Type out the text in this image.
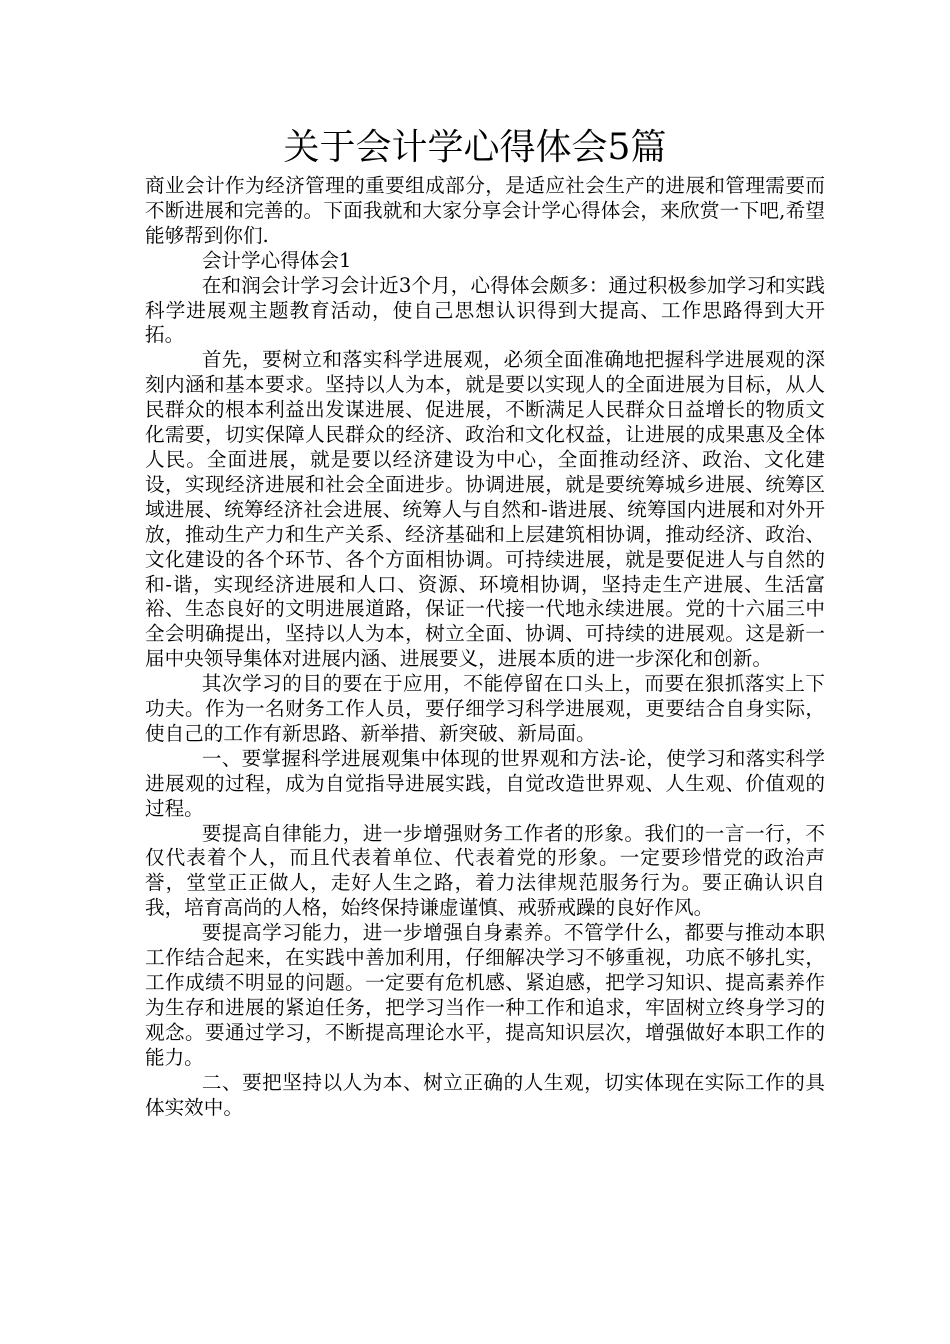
关于会计学心得体会5篇

商业会计作为经济管理的重要组成部分，是适应社会生产的进展和管理需要而不断进展和完善的。下面我就和大家分享会计学心得体会，来欣赏一下吧,希望能够帮到你们.

会计学心得体会1

在和润会计学习会计近3个月，心得体会颇多：通过积极参加学习和实践科学进展观主题教育活动，使自己思想认识得到大提高、工作思路得到大开拓。

首先，要树立和落实科学进展观，必须全面准确地把握科学进展观的深刻内涵和基本要求。坚持以人为本，就是要以实现人的全面进展为目标，从人民群众的根本利益出发谋进展、促进展，不断满足人民群众日益增长的物质文化需要，切实保障人民群众的经济、政治和文化权益，让进展的成果惠及全体人民。全面进展，就是要以经济建设为中心，全面推动经济、政治、文化建设，实现经济进展和社会全面进步。协调进展，就是要统筹城乡进展、统筹区域进展、统筹经济社会进展、统筹人与自然和-谐进展、统筹国内进展和对外开放，推动生产力和生产关系、经济基础和上层建筑相协调，推动经济、政治、文化建设的各个环节、各个方面相协调。可持续进展，就是要促进人与自然的和-谐，实现经济进展和人口、资源、环境相协调，坚持走生产进展、生活富裕、生态良好的文明进展道路，保证一代接一代地永续进展。党的十六届三中全会明确提出，坚持以人为本，树立全面、协调、可持续的进展观。这是新一届中央领导集体对进展内涵、进展要义，进展本质的进一步深化和创新。

其次学习的目的要在于应用，不能停留在口头上，而要在狠抓落实上下功夫。作为一名财务工作人员，要仔细学习科学进展观，更要结合自身实际，使自己的工作有新思路、新举措、新突破、新局面。

一、要掌握科学进展观集中体现的世界观和方法-论，使学习和落实科学进展观的过程，成为自觉指导进展实践，自觉改造世界观、人生观、价值观的过程。

要提高自律能力，进一步增强财务工作者的形象。我们的一言一行，不仅代表着个人，而且代表着单位、代表着党的形象。一定要珍惜党的政治声誉，堂堂正正做人，走好人生之路，着力法律规范服务行为。要正确认识自我，培育高尚的人格，始终保持谦虚谨慎、戒骄戒躁的良好作风。

要提高学习能力，进一步增强自身素养。不管学什么，都要与推动本职工作结合起来，在实践中善加利用，仔细解决学习不够重视，功底不够扎实，工作成绩不明显的问题。一定要有危机感、紧迫感，把学习知识、提高素养作为生存和进展的紧迫任务，把学习当作一种工作和追求，牢固树立终身学习的观念。要通过学习，不断提高理论水平，提高知识层次，增强做好本职工作的能力。

二、要把坚持以人为本、树立正确的人生观，切实体现在实际工作的具体实效中。
